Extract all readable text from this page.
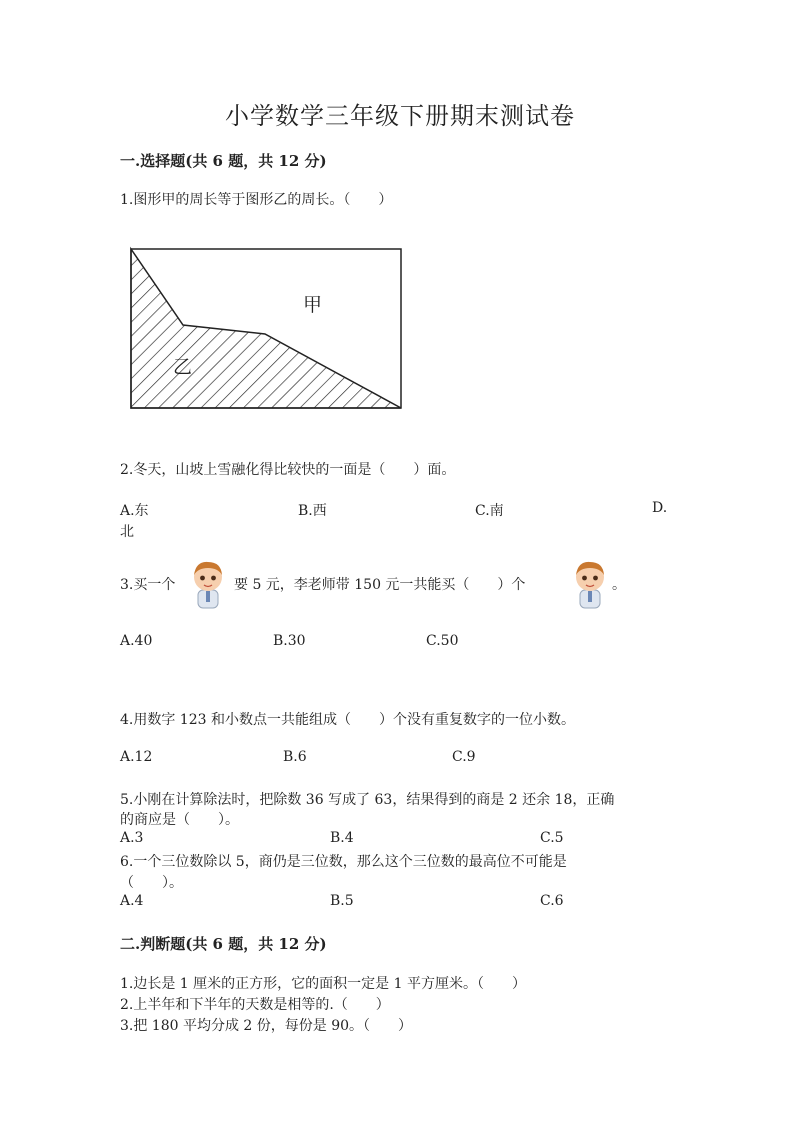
小学数学三年级下册期末测试卷
一.选择题(共 6 题，共 12 分)
1.图形甲的周长等于图形乙的周长。（　　）
甲
乙
2.冬天，山坡上雪融化得比较快的一面是（　　）面。
A.东	B.西	C.南	D.
北
3.买一个	要 5 元，李老师带 150 元一共能买（　　）个	。
A.40	B.30	C.50
4.用数字 123 和小数点一共能组成（　　）个没有重复数字的一位小数。
A.12	B.6	C.9
5.小刚在计算除法时，把除数 36 写成了 63，结果得到的商是 2 还余 18，正确
的商应是（　　）。
A.3	B.4	C.5
6.一个三位数除以 5，商仍是三位数，那么这个三位数的最高位不可能是
（　　）。
A.4	B.5	C.6
二.判断题(共 6 题，共 12 分)
1.边长是 1 厘米的正方形，它的面积一定是 1 平方厘米。（　　）
2.上半年和下半年的天数是相等的.（　　）
3.把 180 平均分成 2 份，每份是 90。（　　）
